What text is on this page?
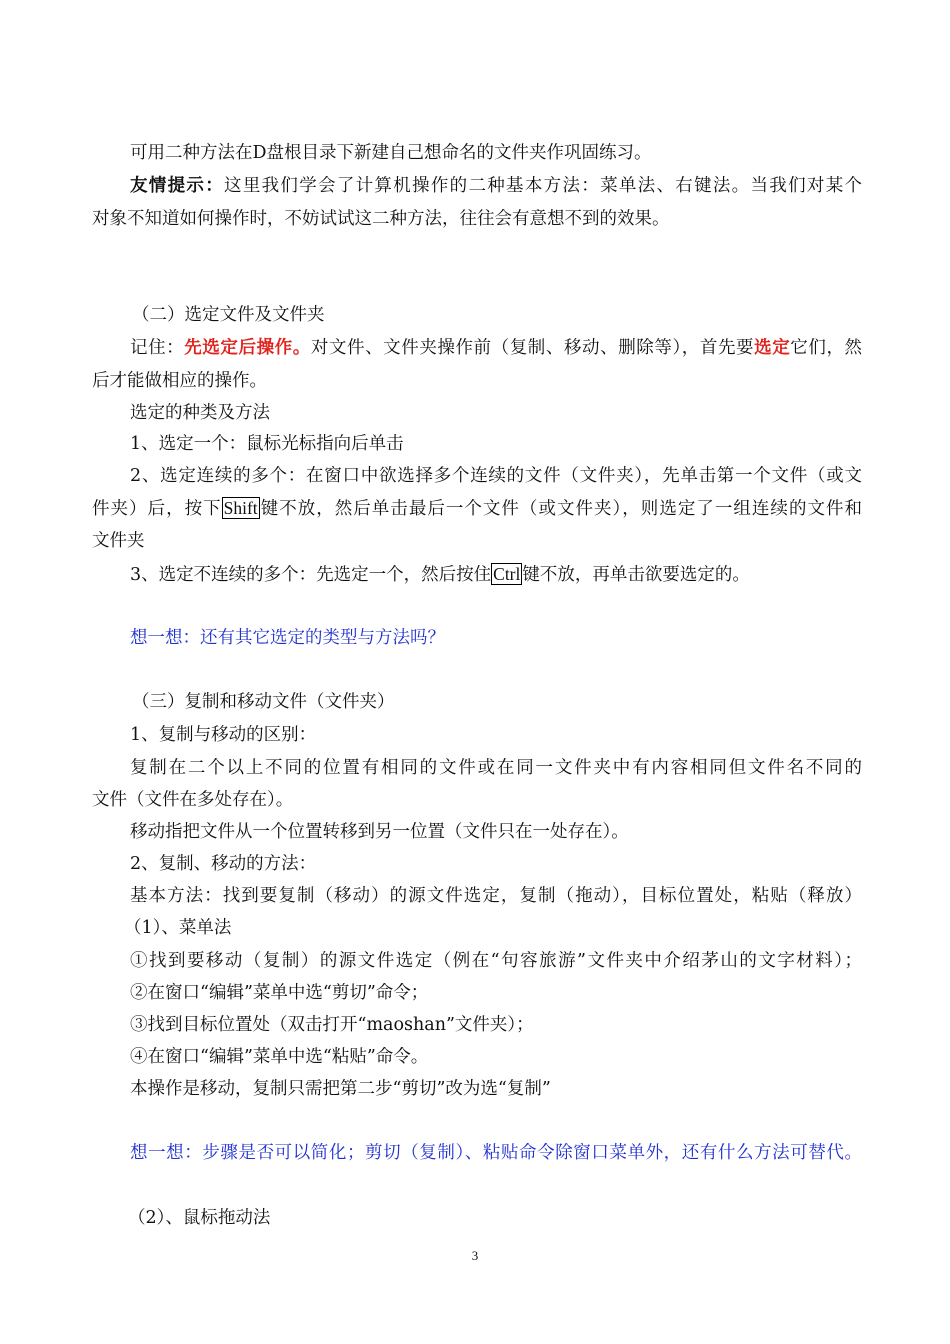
可用二种方法在D盘根目录下新建自己想命名的文件夹作巩固练习。
友情提示：这里我们学会了计算机操作的二种基本方法：菜单法、右键法。当我们对某个
对象不知道如何操作时，不妨试试这二种方法，往往会有意想不到的效果。
（二）选定文件及文件夹
记住：先选定后操作。对文件、文件夹操作前（复制、移动、删除等），首先要选定它们，然
后才能做相应的操作。
选定的种类及方法
1、选定一个：鼠标光标指向后单击
2、选定连续的多个：在窗口中欲选择多个连续的文件（文件夹），先单击第一个文件（或文
件夹）后，按下 Shift 键不放，然后单击最后一个文件（或文件夹），则选定了一组连续的文件和
文件夹
3、选定不连续的多个：先选定一个，然后按住 Ctrl 键不放，再单击欲要选定的。
想一想：还有其它选定的类型与方法吗？
（三）复制和移动文件（文件夹）
1、复制与移动的区别：
复制在二个以上不同的位置有相同的文件或在同一文件夹中有内容相同但文件名不同的
文件（文件在多处存在）。
移动指把文件从一个位置转移到另一位置（文件只在一处存在）。
2、复制、移动的方法：
基本方法：找到要复制（移动）的源文件选定，复制（拖动），目标位置处，粘贴（释放）
（1）、菜单法
①找到要移动（复制）的源文件选定（例在“句容旅游”文件夹中介绍茅山的文字材料）；
②在窗口“编辑”菜单中选“剪切”命令；
③找到目标位置处（双击打开“maoshan”文件夹）；
④在窗口“编辑”菜单中选“粘贴”命令。
本操作是移动，复制只需把第二步“剪切”改为选“复制”
想一想：步骤是否可以简化；剪切（复制）、粘贴命令除窗口菜单外，还有什么方法可替代。
（2）、鼠标拖动法
3
